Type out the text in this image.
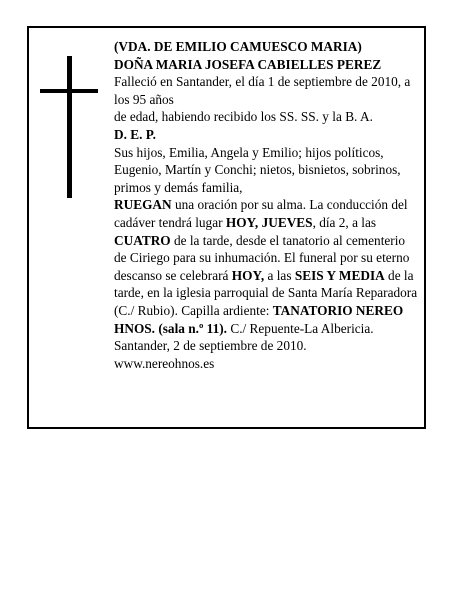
(VDA. DE EMILIO CAMUESCO MARIA)

DOÑA MARIA JOSEFA CABIELLES PEREZ

Falleció en Santander, el día 1 de septiembre de 2010, a los 95 años

de edad, habiendo recibido los SS. SS. y la B. A.

D. E. P.

Sus hijos, Emilia, Angela y Emilio; hijos políticos, Eugenio, Martín y Conchi; nietos, bisnietos, sobrinos, primos y demás familia,

RUEGAN una oración por su alma. La conducción del cadáver tendrá lugar HOY, JUEVES, día 2, a las CUATRO de la tarde, desde el tanatorio al cementerio de Ciriego para su inhumación. El funeral por su eterno descanso se celebrará HOY, a las SEIS Y MEDIA de la tarde, en la iglesia parroquial de Santa María Reparadora (C./ Rubio). Capilla ardiente: TANATORIO NEREO HNOS. (sala n.º 11). C./ Repuente-La Albericia.

Santander, 2 de septiembre de 2010.

www.nereohnos.es
